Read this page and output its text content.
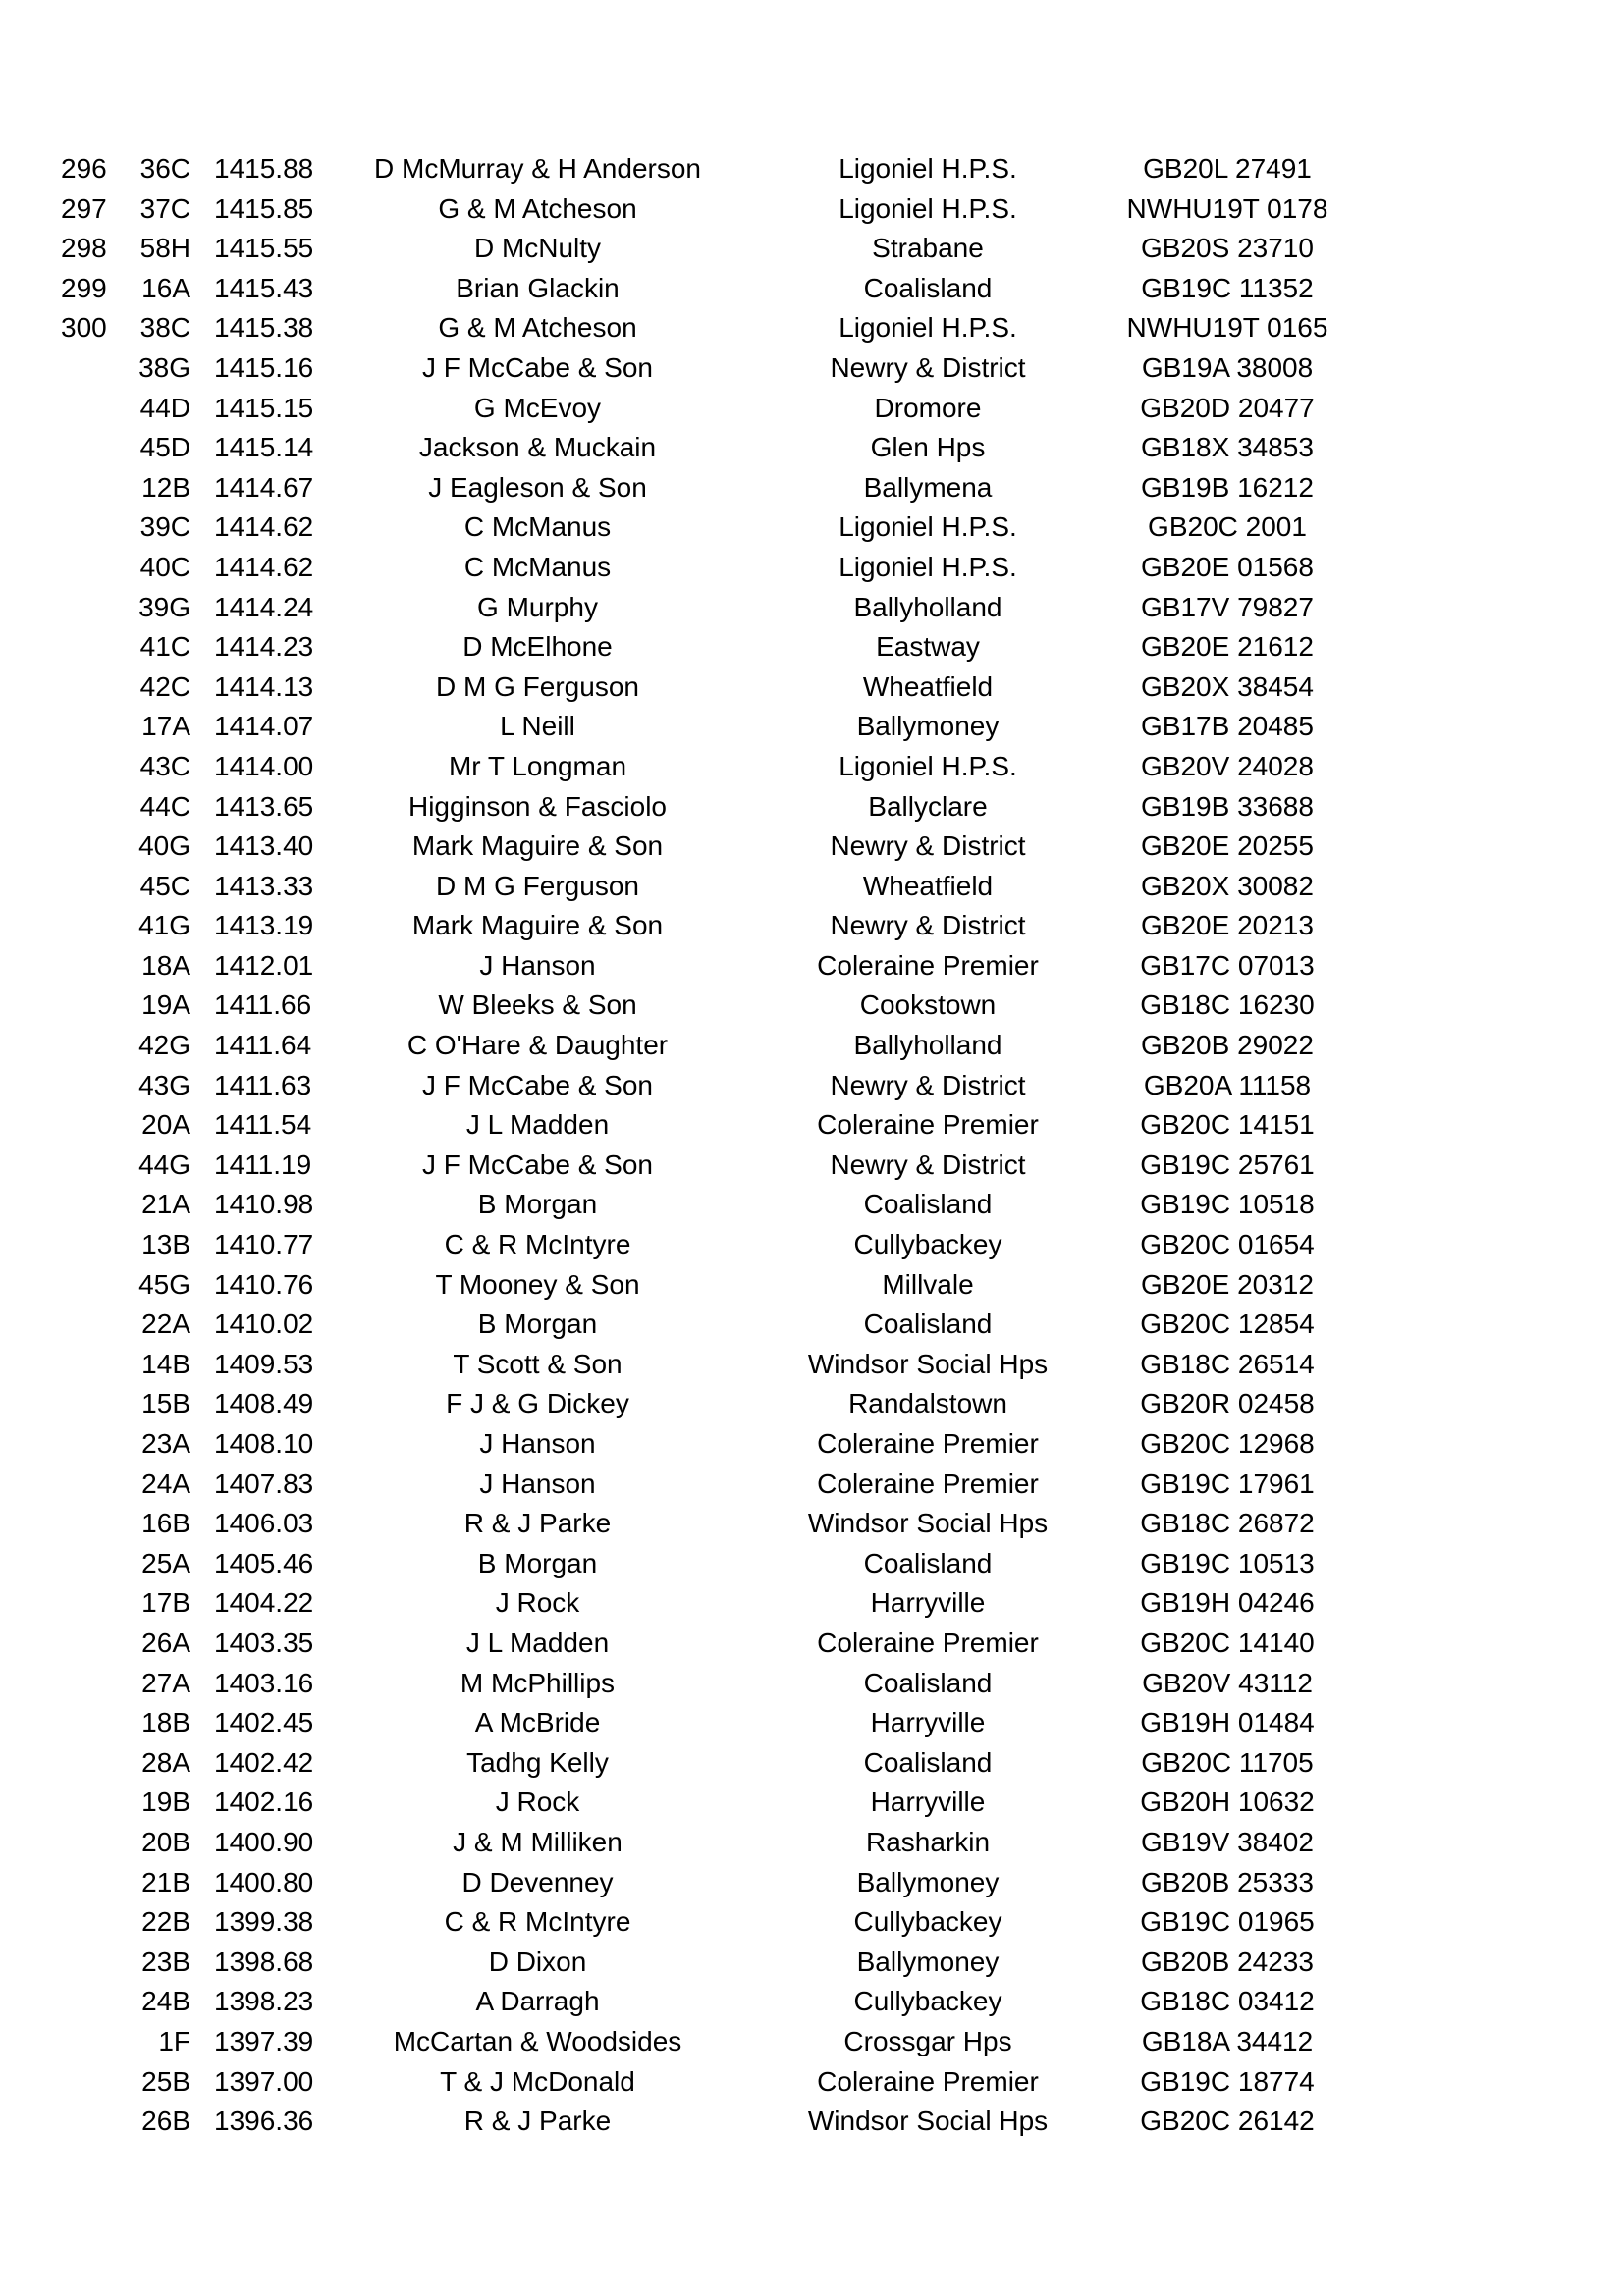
296	36C 1415.88	D McMurray & H Anderson	Ligoniel H.P.S.	GB20L 27491
297	37C 1415.85	G & M Atcheson	Ligoniel H.P.S.	NWHU19T 0178
298	58H 1415.55	D McNulty	Strabane	GB20S 23710
299	16A 1415.43	Brian Glackin	Coalisland	GB19C 11352
300	38C 1415.38	G & M Atcheson	Ligoniel H.P.S.	NWHU19T 0165
38G 1415.16	J F McCabe & Son	Newry & District	GB19A 38008
44D 1415.15	G McEvoy	Dromore	GB20D 20477
45D 1415.14	Jackson & Muckain	Glen Hps	GB18X 34853
12B 1414.67	J Eagleson & Son	Ballymena	GB19B 16212
39C 1414.62	C McManus	Ligoniel H.P.S.	GB20C 2001
40C 1414.62	C McManus	Ligoniel H.P.S.	GB20E 01568
39G 1414.24	G Murphy	Ballyholland	GB17V 79827
41C 1414.23	D McElhone	Eastway	GB20E 21612
42C 1414.13	D M G Ferguson	Wheatfield	GB20X 38454
17A 1414.07	L Neill	Ballymoney	GB17B 20485
43C 1414.00	Mr T Longman	Ligoniel H.P.S.	GB20V 24028
44C 1413.65	Higginson & Fasciolo	Ballyclare	GB19B 33688
40G 1413.40	Mark Maguire & Son	Newry & District	GB20E 20255
45C 1413.33	D M G Ferguson	Wheatfield	GB20X 30082
41G 1413.19	Mark Maguire & Son	Newry & District	GB20E 20213
18A 1412.01	J Hanson	Coleraine Premier	GB17C 07013
19A 1411.66	W Bleeks & Son	Cookstown	GB18C 16230
42G 1411.64	C O'Hare & Daughter	Ballyholland	GB20B 29022
43G 1411.63	J F McCabe & Son	Newry & District	GB20A 11158
20A 1411.54	J L Madden	Coleraine Premier	GB20C 14151
44G 1411.19	J F McCabe & Son	Newry & District	GB19C 25761
21A 1410.98	B Morgan	Coalisland	GB19C 10518
13B 1410.77	C & R McIntyre	Cullybackey	GB20C 01654
45G 1410.76	T Mooney & Son	Millvale	GB20E 20312
22A 1410.02	B Morgan	Coalisland	GB20C 12854
14B 1409.53	T Scott & Son	Windsor Social Hps	GB18C 26514
15B 1408.49	F J & G Dickey	Randalstown	GB20R 02458
23A 1408.10	J Hanson	Coleraine Premier	GB20C 12968
24A 1407.83	J Hanson	Coleraine Premier	GB19C 17961
16B 1406.03	R & J Parke	Windsor Social Hps	GB18C 26872
25A 1405.46	B Morgan	Coalisland	GB19C 10513
17B 1404.22	J Rock	Harryville	GB19H 04246
26A 1403.35	J L Madden	Coleraine Premier	GB20C 14140
27A 1403.16	M McPhillips	Coalisland	GB20V 43112
18B 1402.45	A McBride	Harryville	GB19H 01484
28A 1402.42	Tadhg Kelly	Coalisland	GB20C 11705
19B 1402.16	J Rock	Harryville	GB20H 10632
20B 1400.90	J & M Milliken	Rasharkin	GB19V 38402
21B 1400.80	D Devenney	Ballymoney	GB20B 25333
22B 1399.38	C & R McIntyre	Cullybackey	GB19C 01965
23B 1398.68	D Dixon	Ballymoney	GB20B 24233
24B 1398.23	A Darragh	Cullybackey	GB18C 03412
1F 1397.39	McCartan & Woodsides	Crossgar Hps	GB18A 34412
25B 1397.00	T & J McDonald	Coleraine Premier	GB19C 18774
26B 1396.36	R & J Parke	Windsor Social Hps	GB20C 26142
